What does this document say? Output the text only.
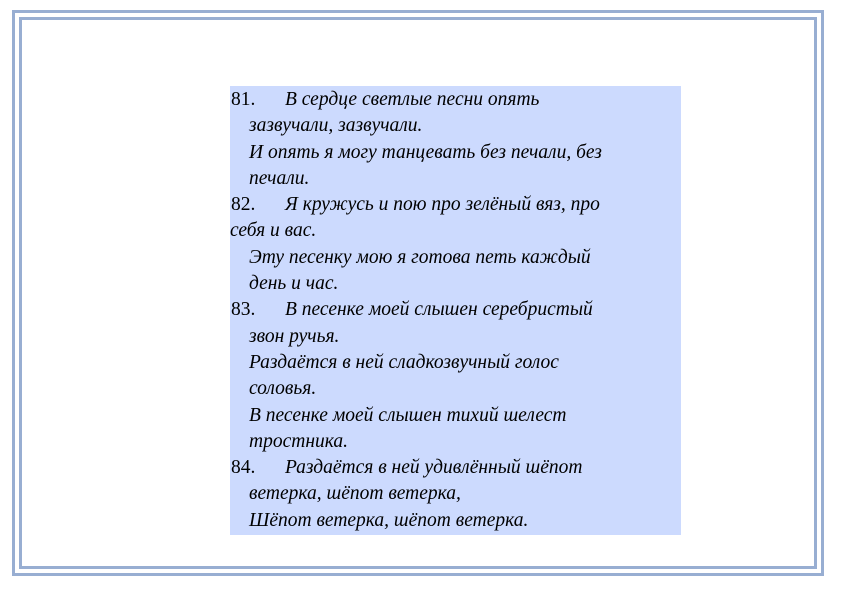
81.	В сердце светлые песни опять
зазвучали, зазвучали.
И опять я могу танцевать без печали, без
печали.
82.	Я кружусь и пою про зелёный вяз, про
себя и вас.
Эту песенку мою я готова петь каждый
день и час.
83.	В песенке моей слышен серебристый
звон ручья.
Раздаётся в ней сладкозвучный голос
соловья.
В песенке моей слышен тихий шелест
тростника.
84.	Раздаётся в ней удивлённый шёпот
ветерка, шёпот ветерка,
Шёпот ветерка, шёпот ветерка.
